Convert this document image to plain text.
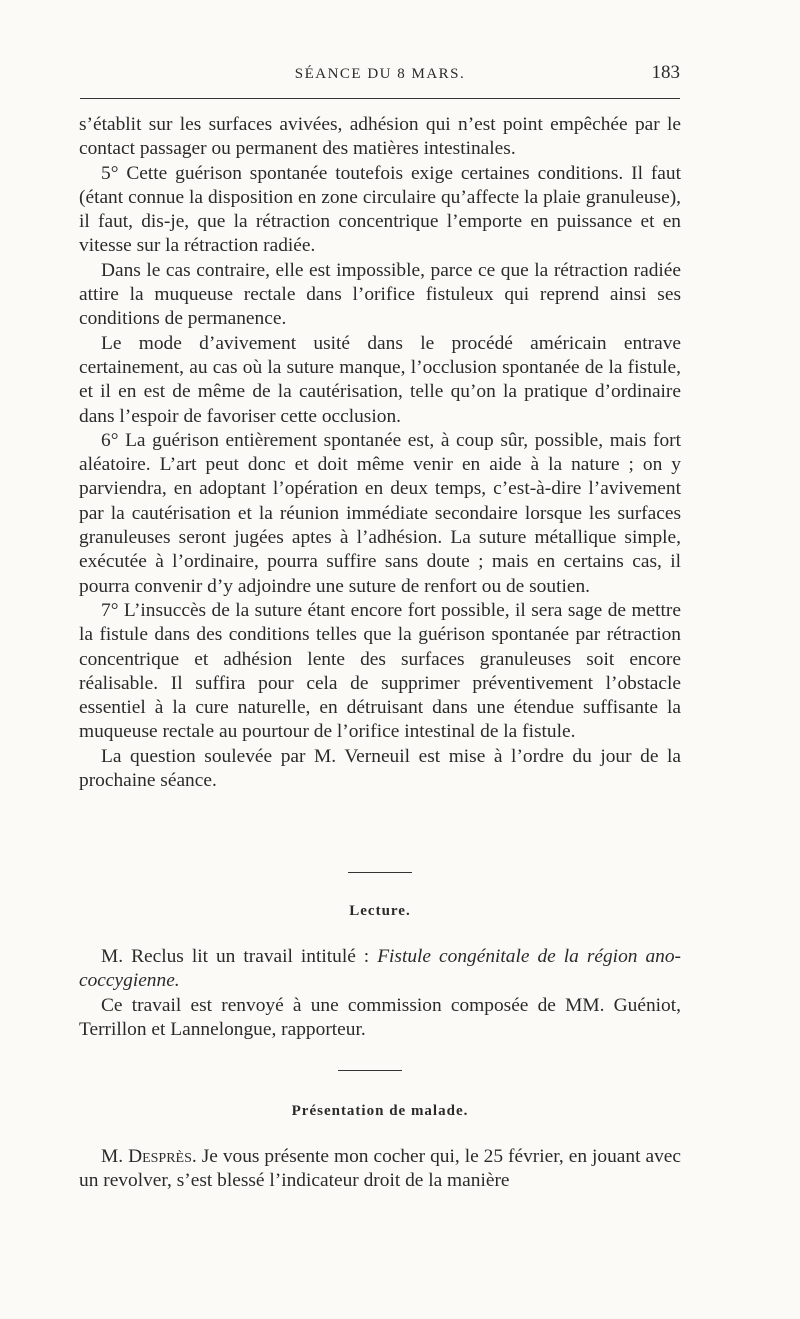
SÉANCE DU 8 MARS.	183

s’établit sur les surfaces avivées, adhésion qui n’est point empêchée par le contact passager ou permanent des matières intestinales.

5° Cette guérison spontanée toutefois exige certaines conditions. Il faut (étant connue la disposition en zone circulaire qu’affecte la plaie granuleuse), il faut, dis-je, que la rétraction concentrique l’emporte en puissance et en vitesse sur la rétraction radiée.

Dans le cas contraire, elle est impossible, parce ce que la rétraction radiée attire la muqueuse rectale dans l’orifice fistuleux qui reprend ainsi ses conditions de permanence.

Le mode d’avivement usité dans le procédé américain entrave certainement, au cas où la suture manque, l’occlusion spontanée de la fistule, et il en est de même de la cautérisation, telle qu’on la pratique d’ordinaire dans l’espoir de favoriser cette occlusion.

6° La guérison entièrement spontanée est, à coup sûr, possible, mais fort aléatoire. L’art peut donc et doit même venir en aide à la nature ; on y parviendra, en adoptant l’opération en deux temps, c’est-à-dire l’avivement par la cautérisation et la réunion immédiate secondaire lorsque les surfaces granuleuses seront jugées aptes à l’adhésion. La suture métallique simple, exécutée à l’ordinaire, pourra suffire sans doute ; mais en certains cas, il pourra convenir d’y adjoindre une suture de renfort ou de soutien.

7° L’insuccès de la suture étant encore fort possible, il sera sage de mettre la fistule dans des conditions telles que la guérison spontanée par rétraction concentrique et adhésion lente des surfaces granuleuses soit encore réalisable. Il suffira pour cela de supprimer préventivement l’obstacle essentiel à la cure naturelle, en détruisant dans une étendue suffisante la muqueuse rectale au pourtour de l’orifice intestinal de la fistule.

La question soulevée par M. Verneuil est mise à l’ordre du jour de la prochaine séance.

Lecture.

M. Reclus lit un travail intitulé : Fistule congénitale de la région ano-coccygienne.

Ce travail est renvoyé à une commission composée de MM. Guéniot, Terrillon et Lannelongue, rapporteur.

Présentation de malade.

M. Desprès. Je vous présente mon cocher qui, le 25 février, en jouant avec un revolver, s’est blessé l’indicateur droit de la manière
